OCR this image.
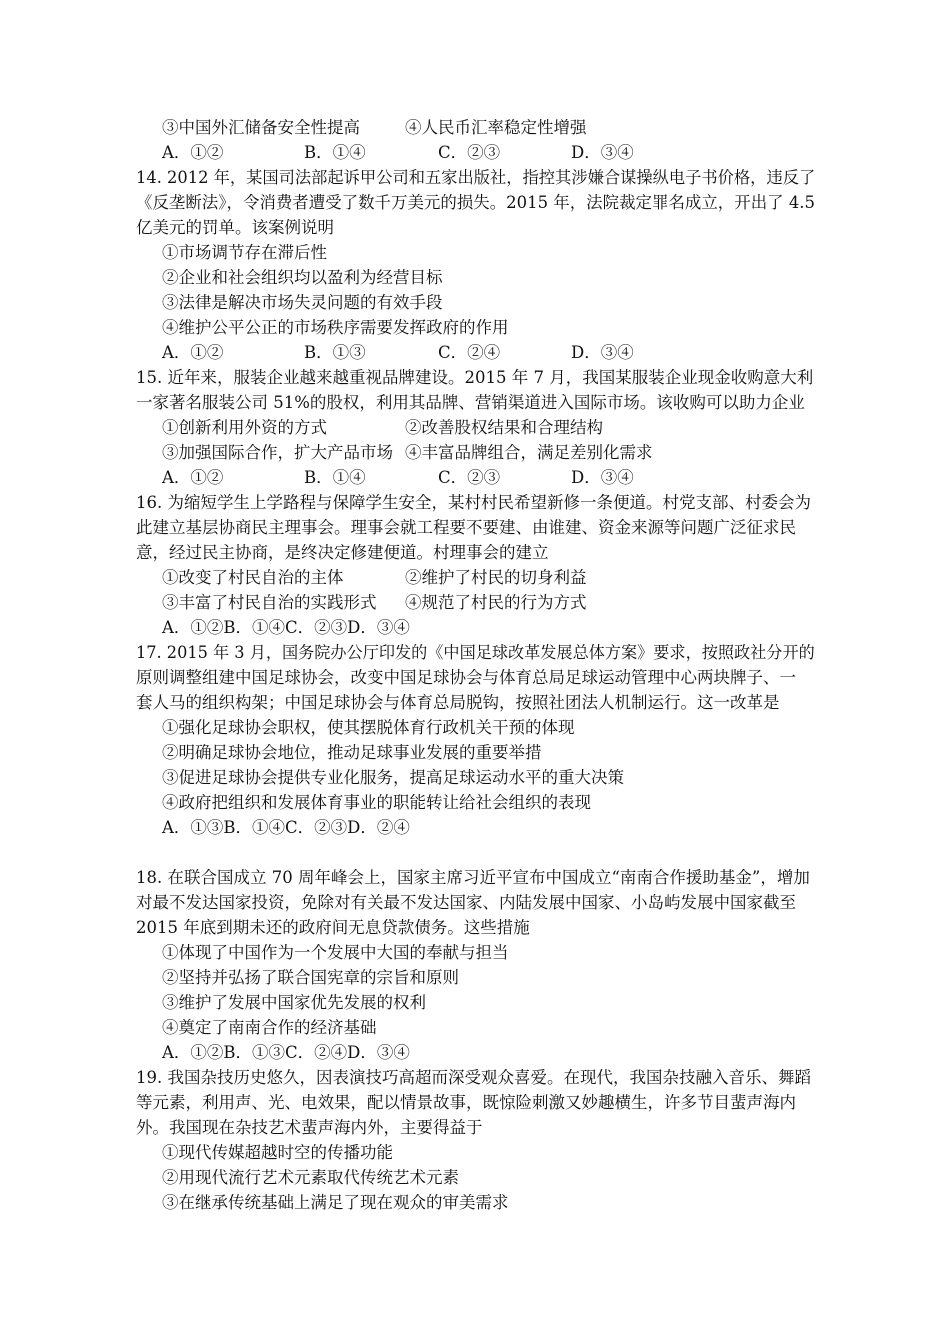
③中国外汇储备安全性提高	④人民币汇率稳定性增强
A．①②	B．①④	C．②③	D．③④
14. 2012 年，某国司法部起诉甲公司和五家出版社，指控其涉嫌合谋操纵电子书价格，违反了
《反垄断法》，令消费者遭受了数千万美元的损失。2015 年，法院裁定罪名成立，开出了 4.5
亿美元的罚单。该案例说明
①市场调节存在滞后性
②企业和社会组织均以盈利为经营目标
③法律是解决市场失灵问题的有效手段
④维护公平公正的市场秩序需要发挥政府的作用
A．①②	B．①③	C．②④	D．③④
15. 近年来，服装企业越来越重视品牌建设。2015 年 7 月，我国某服装企业现金收购意大利
一家著名服装公司 51%的股权，利用其品牌、营销渠道进入国际市场。该收购可以助力企业
①创新利用外资的方式	②改善股权结果和合理结构
③加强国际合作，扩大产品市场 ④丰富品牌组合，满足差别化需求
A．①②	B．①④	C．②③	D．③④
16. 为缩短学生上学路程与保障学生安全，某村村民希望新修一条便道。村党支部、村委会为
此建立基层协商民主理事会。理事会就工程要不要建、由谁建、资金来源等问题广泛征求民
意，经过民主协商，是终决定修建便道。村理事会的建立
①改变了村民自治的主体	②维护了村民的切身利益
③丰富了村民自治的实践形式 ④规范了村民的行为方式
A．①②B．①④C．②③D．③④
17. 2015 年 3 月，国务院办公厅印发的《中国足球改革发展总体方案》要求，按照政社分开的
原则调整组建中国足球协会，改变中国足球协会与体育总局足球运动管理中心两块牌子、一
套人马的组织构架；中国足球协会与体育总局脱钩，按照社团法人机制运行。这一改革是
①强化足球协会职权，使其摆脱体育行政机关干预的体现
②明确足球协会地位，推动足球事业发展的重要举措
③促进足球协会提供专业化服务，提高足球运动水平的重大决策
④政府把组织和发展体育事业的职能转让给社会组织的表现
A．①③B．①④C．②③D．②④
18. 在联合国成立 70 周年峰会上，国家主席习近平宣布中国成立“南南合作援助基金”，增加
对最不发达国家投资，免除对有关最不发达国家、内陆发展中国家、小岛屿发展中国家截至
2015 年底到期未还的政府间无息贷款债务。这些措施
①体现了中国作为一个发展中大国的奉献与担当
②坚持并弘扬了联合国宪章的宗旨和原则
③维护了发展中国家优先发展的权利
④奠定了南南合作的经济基础
A．①②B．①③C．②④D．③④
19. 我国杂技历史悠久，因表演技巧高超而深受观众喜爱。在现代，我国杂技融入音乐、舞蹈
等元素，利用声、光、电效果，配以情景故事，既惊险刺激又妙趣横生，许多节目蜚声海内
外。我国现在杂技艺术蜚声海内外，主要得益于
①现代传媒超越时空的传播功能
②用现代流行艺术元素取代传统艺术元素
③在继承传统基础上满足了现在观众的审美需求
